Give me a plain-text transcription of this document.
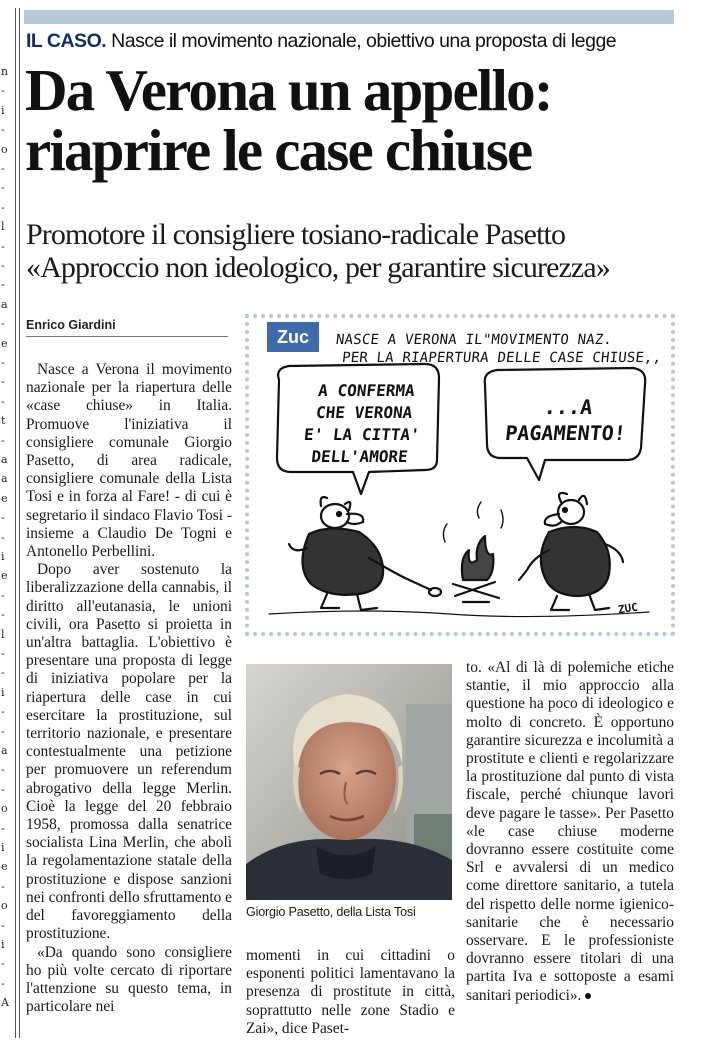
n
-
i
-
o
-
-
-
l
-
-
-
a
-
e
-
-
-
t
-
a
a
e
-
-
i
e
-
-
l
-
-
i
-
-
a
-
-
o
-
i
e
-
o
-
i
-
-
A
IL CASO. Nasce il movimento nazionale, obiettivo una proposta di legge
Da Verona un appello:
riaprire le case chiuse
Promotore il consigliere tosiano-radicale Pasetto
«Approccio non ideologico, per garantire sicurezza»
Enrico Giardini

Nasce a Verona il movimento nazionale per la riapertura delle «case chiuse» in Italia. Promuove l'iniziativa il consigliere comunale Giorgio Pasetto, di area radicale, consigliere comunale della Lista Tosi e in forza al Fare! - di cui è segretario il sindaco Flavio Tosi - insieme a Claudio De Togni e Antonello Perbellini.

Dopo aver sostenuto la liberalizzazione della cannabis, il diritto all'eutanasia, le unioni civili, ora Pasetto si proietta in un'altra battaglia. L'obiettivo è presentare una proposta di legge di iniziativa popolare per la riapertura delle case in cui esercitare la prostituzione, sul territorio nazionale, e presentare contestualmente una petizione per promuovere un referendum abrogativo della legge Merlin. Cioè la legge del 20 febbraio 1958, promossa dalla senatrice socialista Lina Merlin, che abolì la regolamentazione statale della prostituzione e dispose sanzioni nei confronti dello sfruttamento e del favoreggiamento della prostituzione.

«Da quando sono consigliere ho più volte cercato di riportare l'attenzione su questo tema, in particolare nei

momenti in cui cittadini o esponenti politici lamentavano la presenza di prostitute in città, soprattutto nelle zone Stadio e Zai», dice Paset-

to. «Al di là di polemiche etiche stantie, il mio approccio alla questione ha poco di ideologico e molto di concreto. È opportuno garantire sicurezza e incolumità a prostitute e clienti e regolarizzare la prostituzione dal punto di vista fiscale, perché chiunque lavori deve pagare le tasse». Per Pasetto «le case chiuse moderne dovranno essere costituite come Srl e avvalersi di un medico come direttore sanitario, a tutela del rispetto delle norme igienico-sanitarie che è necessario osservare. E le professioniste dovranno essere titolari di una partita Iva e sottoposte a esami sanitari periodici».

Zuc	NASCE A VERONA IL"MOVIMENTO NAZ.
PER LA RIAPERTURA DELLE CASE CHIUSE,,
A CONFERMA
CHE VERONA
E' LA CITTA'
DELL'AMORE
...A
PAGAMENTO!
ZUC
Giorgio Pasetto, della Lista Tosi
